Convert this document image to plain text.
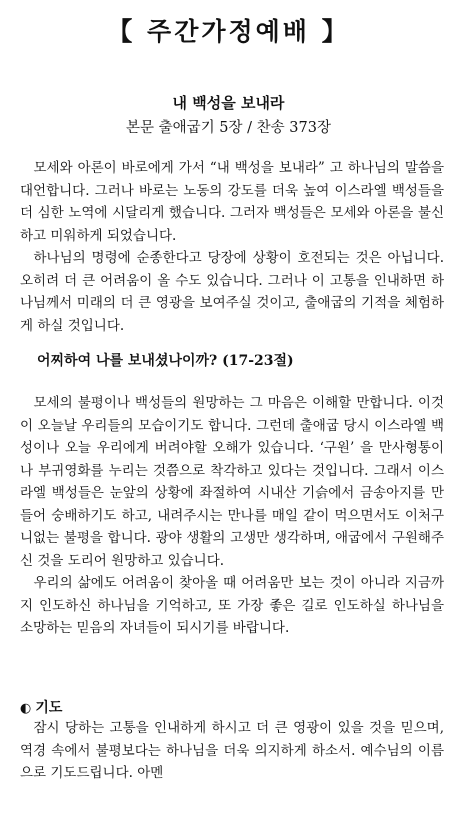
【 주간가정예배 】
내 백성을 보내라
본문 출애굽기 5장 / 찬송 373장

모세와 아론이 바로에게 가서 “내 백성을 보내라” 고 하나님의 말씀을 대언합니다. 그러나 바로는 노동의 강도를 더욱 높여 이스라엘 백성들을 더 심한 노역에 시달리게 했습니다. 그러자 백성들은 모세와 아론을 불신하고 미워하게 되었습니다.

하나님의 명령에 순종한다고 당장에 상황이 호전되는 것은 아닙니다. 오히려 더 큰 어려움이 올 수도 있습니다. 그러나 이 고통을 인내하면 하나님께서 미래의 더 큰 영광을 보여주실 것이고, 출애굽의 기적을 체험하게 하실 것입니다.

어찌하여 나를 보내셨나이까? (17-23절)

모세의 불평이나 백성들의 원망하는 그 마음은 이해할 만합니다. 이것이 오늘날 우리들의 모습이기도 합니다. 그런데 출애굽 당시 이스라엘 백성이나 오늘 우리에게 버려야할 오해가 있습니다. ‘구원’ 을 만사형통이나 부귀영화를 누리는 것쯤으로 착각하고 있다는 것입니다. 그래서 이스라엘 백성들은 눈앞의 상황에 좌절하여 시내산 기슭에서 금송아지를 만들어 숭배하기도 하고, 내려주시는 만나를 매일 같이 먹으면서도 이처구니없는 불평을 합니다. 광야 생활의 고생만 생각하며, 애굽에서 구원해주신 것을 도리어 원망하고 있습니다.

우리의 삶에도 어려움이 찾아올 때 어려움만 보는 것이 아니라 지금까지 인도하신 하나님을 기억하고, 또 가장 좋은 길로 인도하실 하나님을 소망하는 믿음의 자녀들이 되시기를 바랍니다.

◐ 기도

잠시 당하는 고통을 인내하게 하시고 더 큰 영광이 있을 것을 믿으며, 역경 속에서 불평보다는 하나님을 더욱 의지하게 하소서. 예수님의 이름으로 기도드립니다. 아멘
